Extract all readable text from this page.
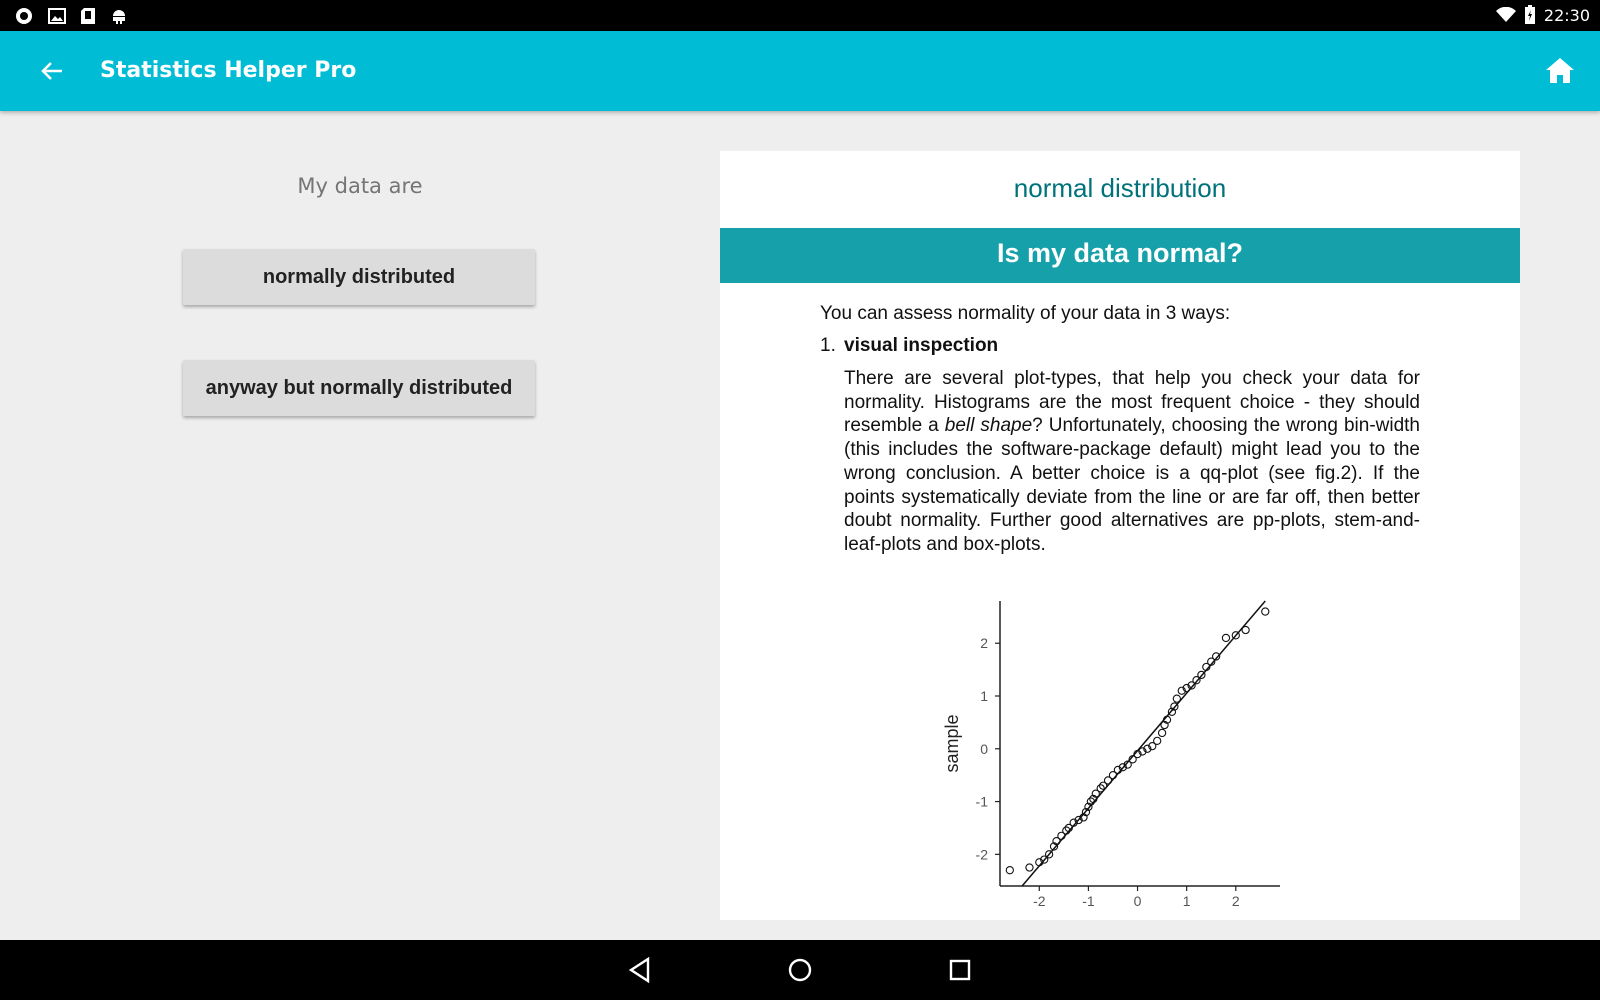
22:30
Statistics Helper Pro
My data are
normally distributed
anyway but normally distributed
normal distribution
Is my data normal?
You can assess normality of your data in 3 ways:
1. visual inspection
There are several plot-types, that help you check your data for normality. Histograms are the most frequent choice - they should resemble a bell shape? Unfortunately, choosing the wrong bin-width (this includes the software-package default) might lead you to the wrong conclusion. A better choice is a qq-plot (see fig.2). If the points systematically deviate from the line or are far off, then better doubt normality. Further good alternatives are pp-plots, stem-and-leaf-plots and box-plots.
2
1
0
-1
-2
-2	-1	0	1	2
sample
